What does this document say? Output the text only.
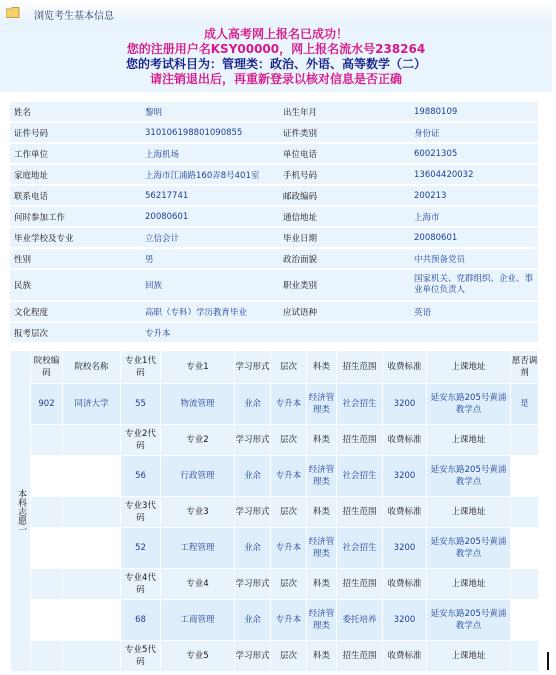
浏览考生基本信息
成人高考网上报名已成功！
您的注册用户名KSY00000，网上报名流水号238264
您的考试科目为：管理类：政治、外语、高等数学（二）
请注销退出后，再重新登录以核对信息是否正确
姓名	黎明	出生年月	19880109
证件号码	310106198801090855	证件类别	身份证
工作单位	上海机场	单位电话	60021305
家庭地址	上海市江浦路160弄8号401室	手机号码	13604420032
联系电话	56217741	邮政编码	200213
何时参加工作	20080601	通信地址	上海市
毕业学校及专业	立信会计	毕业日期	20080601
性别	男	政治面貌	中共预备党员
民族	回族	职业类别	国家机关、党群组织、企业、事业单位负责人
文化程度	高职（专科）学历教育毕业	应试语种	英语
报考层次	专升本		
本科志愿一	院校编码	院校名称	专业1代码	专业1	学习形式	层次	科类	招生范围	收费标准	上课地址	愿否调剂
	902	同济大学	55	物流管理	业余	专升本	经济管理类	社会招生	3200	延安东路205号黄浦教学点	是
			专业2代码	专业2	学习形式	层次	科类	招生范围	收费标准	上课地址	
			56	行政管理	业余	专升本	经济管理类	社会招生	3200	延安东路205号黄浦教学点	
			专业3代码	专业3	学习形式	层次	科类	招生范围	收费标准	上课地址	
			52	工程管理	业余	专升本	经济管理类	社会招生	3200	延安东路205号黄浦教学点	
			专业4代码	专业4	学习形式	层次	科类	招生范围	收费标准	上课地址	
			68	工商管理	业余	专升本	经济管理类	委托培养	3200	延安东路205号黄浦教学点	
			专业5代码	专业5	学习形式	层次	科类	招生范围	收费标准	上课地址	
